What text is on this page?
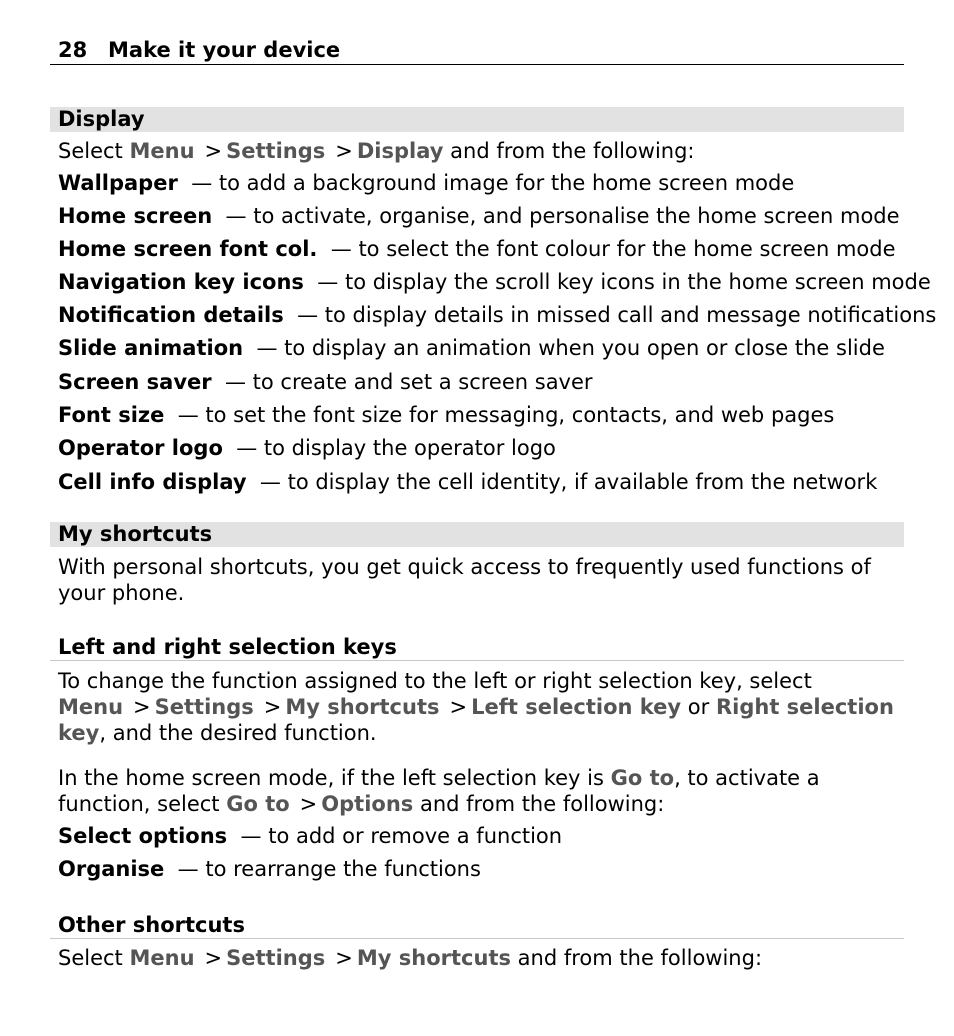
28 Make it your device
Display
Select Menu > Settings > Display and from the following:
Wallpaper — to add a background image for the home screen mode
Home screen — to activate, organise, and personalise the home screen mode
Home screen font col. — to select the font colour for the home screen mode
Navigation key icons — to display the scroll key icons in the home screen mode
Notification details — to display details in missed call and message notifications
Slide animation — to display an animation when you open or close the slide
Screen saver — to create and set a screen saver
Font size — to set the font size for messaging, contacts, and web pages
Operator logo — to display the operator logo
Cell info display — to display the cell identity, if available from the network
My shortcuts
With personal shortcuts, you get quick access to frequently used functions of your phone.
Left and right selection keys
To change the function assigned to the left or right selection key, select Menu > Settings > My shortcuts > Left selection key or Right selection key, and the desired function.
In the home screen mode, if the left selection key is Go to, to activate a function, select Go to > Options and from the following:
Select options — to add or remove a function
Organise — to rearrange the functions
Other shortcuts
Select Menu > Settings > My shortcuts and from the following:
